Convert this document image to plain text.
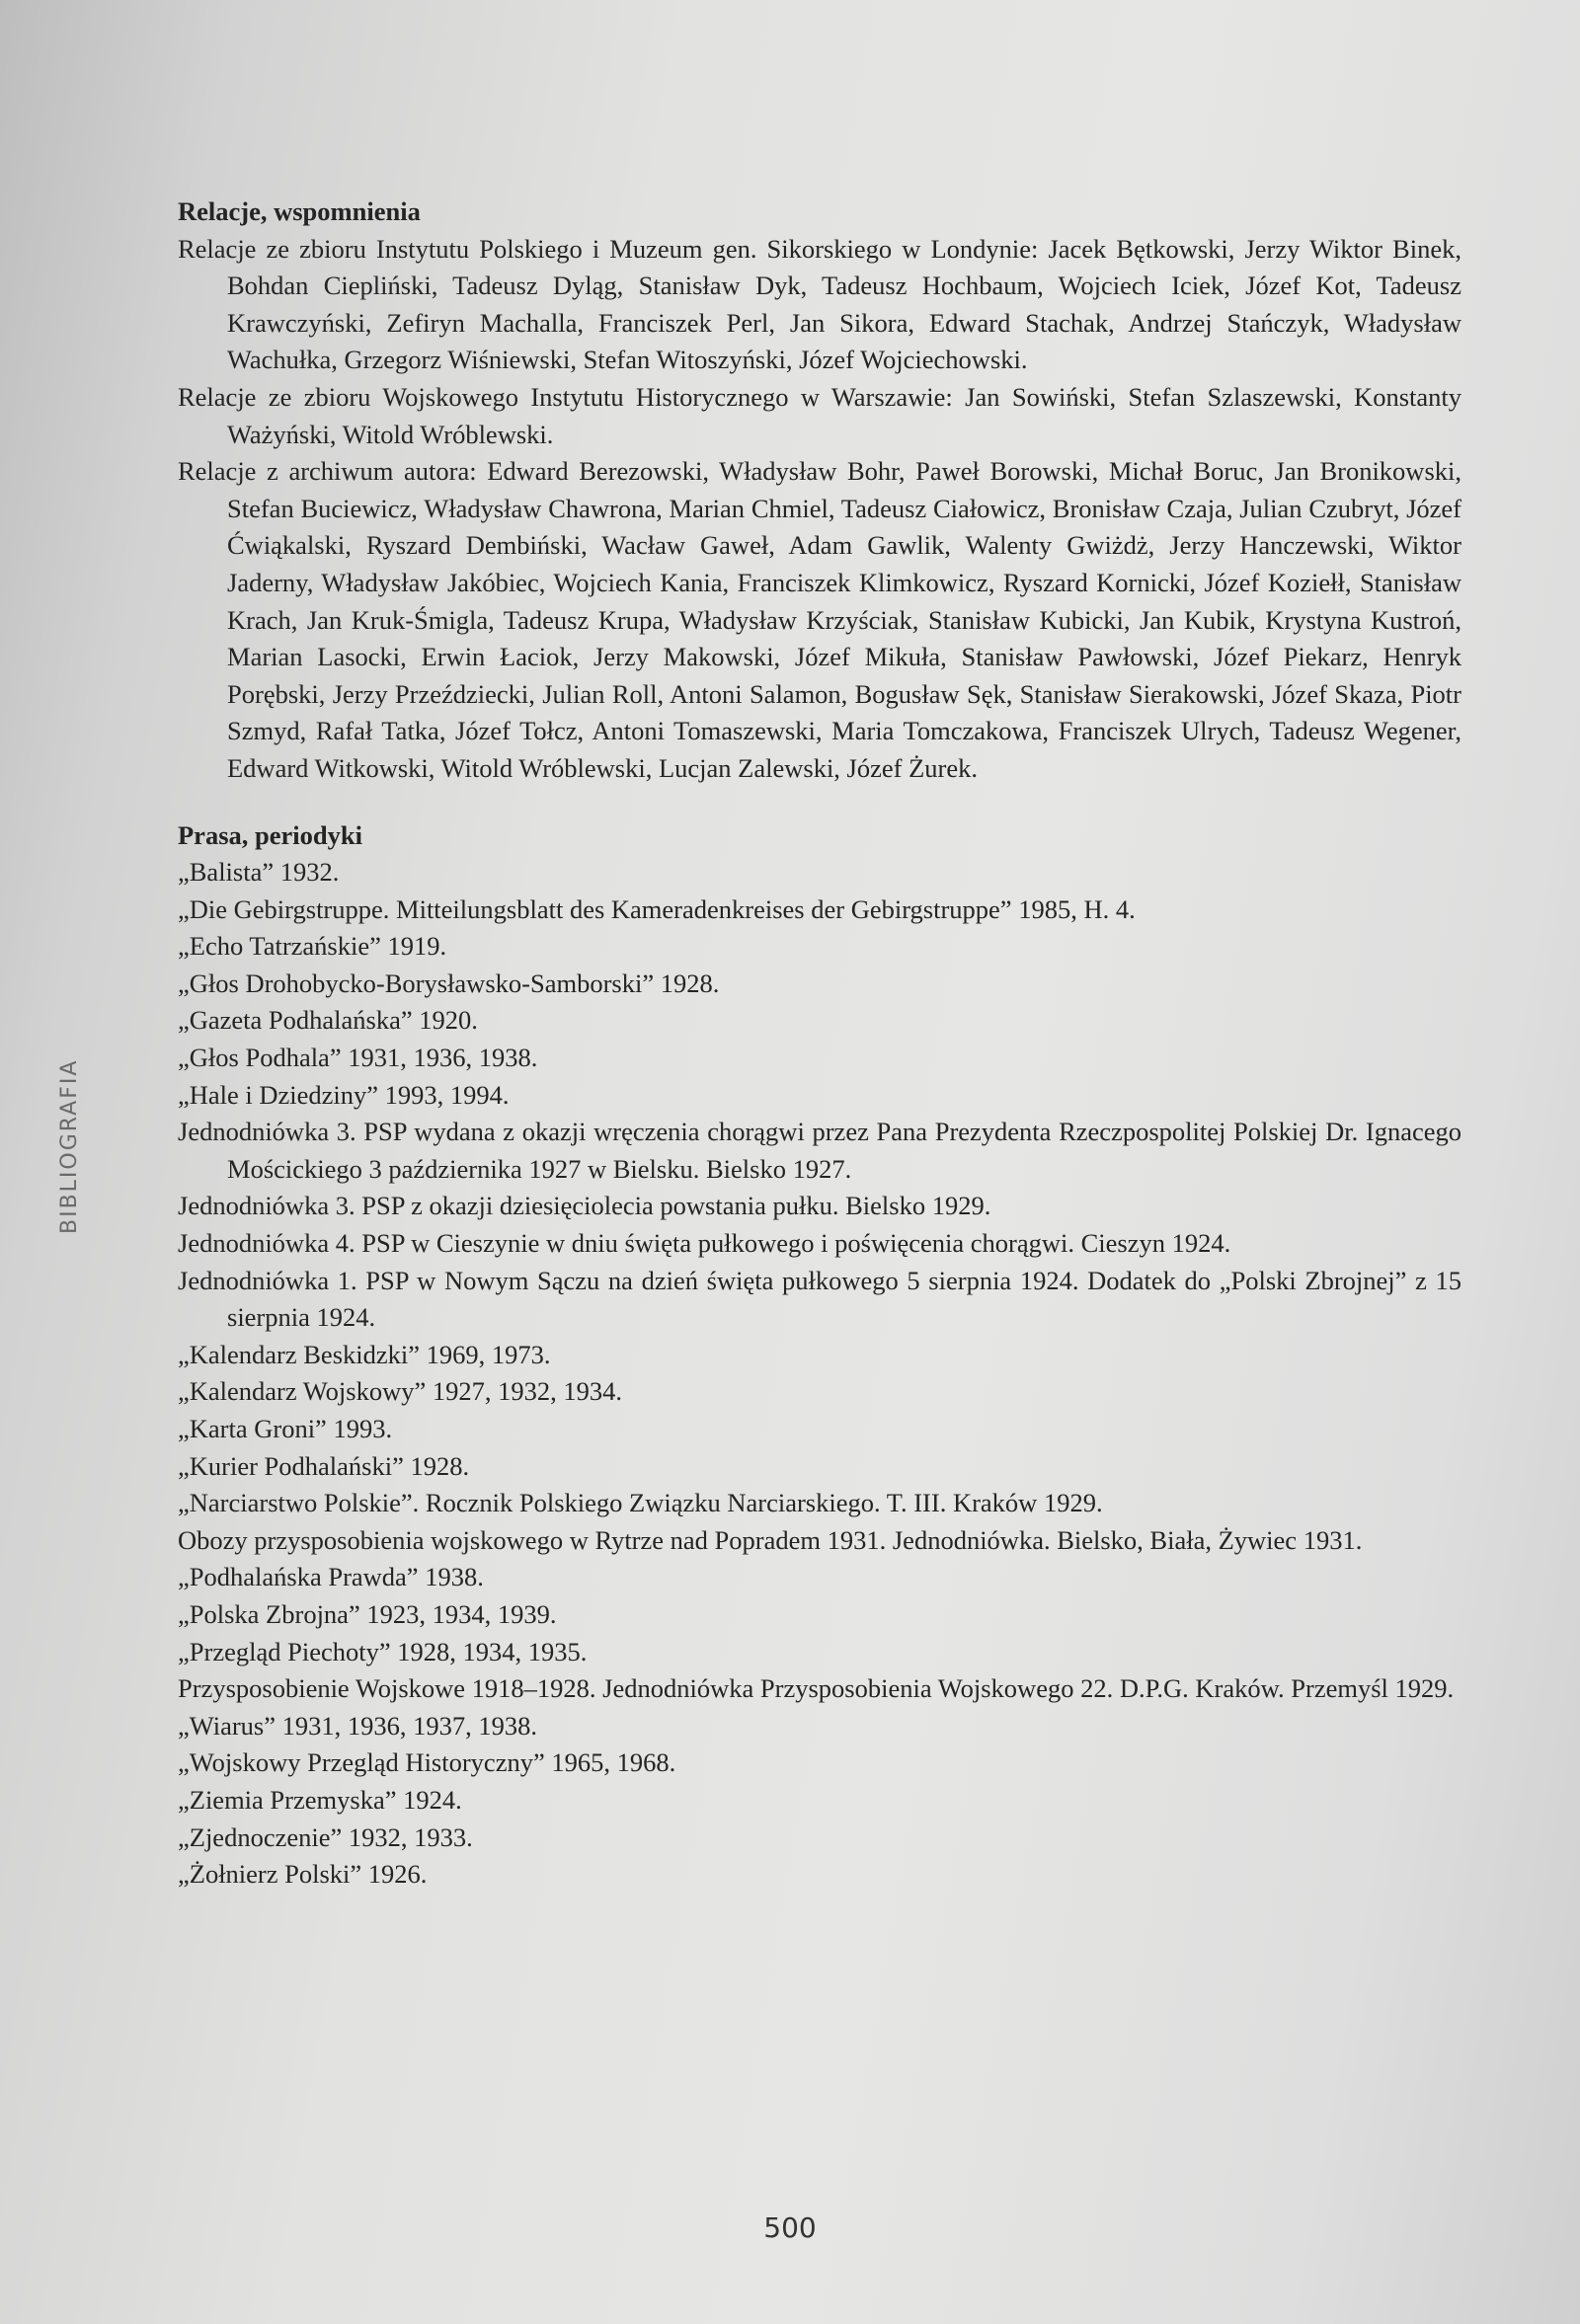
BIBLIOGRAFIA

Relacje, wspomnienia

Relacje ze zbioru Instytutu Polskiego i Muzeum gen. Sikorskiego w Londynie: Jacek Bętkowski, Jerzy Wiktor Binek, Bohdan Ciepliński, Tadeusz Dyląg, Stanisław Dyk, Tadeusz Hochbaum, Wojciech Iciek, Józef Kot, Tadeusz Krawczyński, Zefiryn Machalla, Franciszek Perl, Jan Sikora, Edward Stachak, Andrzej Stańczyk, Władysław Wachułka, Grzegorz Wiśniewski, Stefan Witoszyński, Józef Wojciechowski.

Relacje ze zbioru Wojskowego Instytutu Historycznego w Warszawie: Jan Sowiński, Stefan Szlaszewski, Konstanty Ważyński, Witold Wróblewski.

Relacje z archiwum autora: Edward Berezowski, Władysław Bohr, Paweł Borowski, Michał Boruc, Jan Bronikowski, Stefan Buciewicz, Władysław Chawrona, Marian Chmiel, Tadeusz Ciałowicz, Bronisław Czaja, Julian Czubryt, Józef Ćwiąkalski, Ryszard Dembiński, Wacław Gaweł, Adam Gawlik, Walenty Gwiżdż, Jerzy Hanczewski, Wiktor Jaderny, Władysław Jakóbiec, Wojciech Kania, Franciszek Klimkowicz, Ryszard Kornicki, Józef Koziełł, Stanisław Krach, Jan Kruk-Śmigla, Tadeusz Krupa, Władysław Krzyściak, Stanisław Kubicki, Jan Kubik, Krystyna Kustroń, Marian Lasocki, Erwin Łaciok, Jerzy Makowski, Józef Mikuła, Stanisław Pawłowski, Józef Piekarz, Henryk Porębski, Jerzy Przeździecki, Julian Roll, Antoni Salamon, Bogusław Sęk, Stanisław Sierakowski, Józef Skaza, Piotr Szmyd, Rafał Tatka, Józef Tołcz, Antoni Tomaszewski, Maria Tomczakowa, Franciszek Ulrych, Tadeusz Wegener, Edward Witkowski, Witold Wróblewski, Lucjan Zalewski, Józef Żurek.

Prasa, periodyki

„Balista” 1932.

„Die Gebirgstruppe. Mitteilungsblatt des Kameradenkreises der Gebirgstruppe” 1985, H. 4.

„Echo Tatrzańskie” 1919.

„Głos Drohobycko-Borysławsko-Samborski” 1928.

„Gazeta Podhalańska” 1920.

„Głos Podhala” 1931, 1936, 1938.

„Hale i Dziedziny” 1993, 1994.

Jednodniówka 3. PSP wydana z okazji wręczenia chorągwi przez Pana Prezydenta Rzeczpospolitej Polskiej Dr. Ignacego Mościckiego 3 października 1927 w Bielsku. Bielsko 1927.

Jednodniówka 3. PSP z okazji dziesięciolecia powstania pułku. Bielsko 1929.

Jednodniówka 4. PSP w Cieszynie w dniu święta pułkowego i poświęcenia chorągwi. Cieszyn 1924.

Jednodniówka 1. PSP w Nowym Sączu na dzień święta pułkowego 5 sierpnia 1924. Dodatek do „Polski Zbrojnej” z 15 sierpnia 1924.

„Kalendarz Beskidzki” 1969, 1973.

„Kalendarz Wojskowy” 1927, 1932, 1934.

„Karta Groni” 1993.

„Kurier Podhalański” 1928.

„Narciarstwo Polskie”. Rocznik Polskiego Związku Narciarskiego. T. III. Kraków 1929.

Obozy przysposobienia wojskowego w Rytrze nad Popradem 1931. Jednodniówka. Bielsko, Biała, Żywiec 1931.

„Podhalańska Prawda” 1938.

„Polska Zbrojna” 1923, 1934, 1939.

„Przegląd Piechoty” 1928, 1934, 1935.

Przysposobienie Wojskowe 1918–1928. Jednodniówka Przysposobienia Wojskowego 22. D.P.G. Kraków. Przemyśl 1929.

„Wiarus” 1931, 1936, 1937, 1938.

„Wojskowy Przegląd Historyczny” 1965, 1968.

„Ziemia Przemyska” 1924.

„Zjednoczenie” 1932, 1933.

„Żołnierz Polski” 1926.

500
